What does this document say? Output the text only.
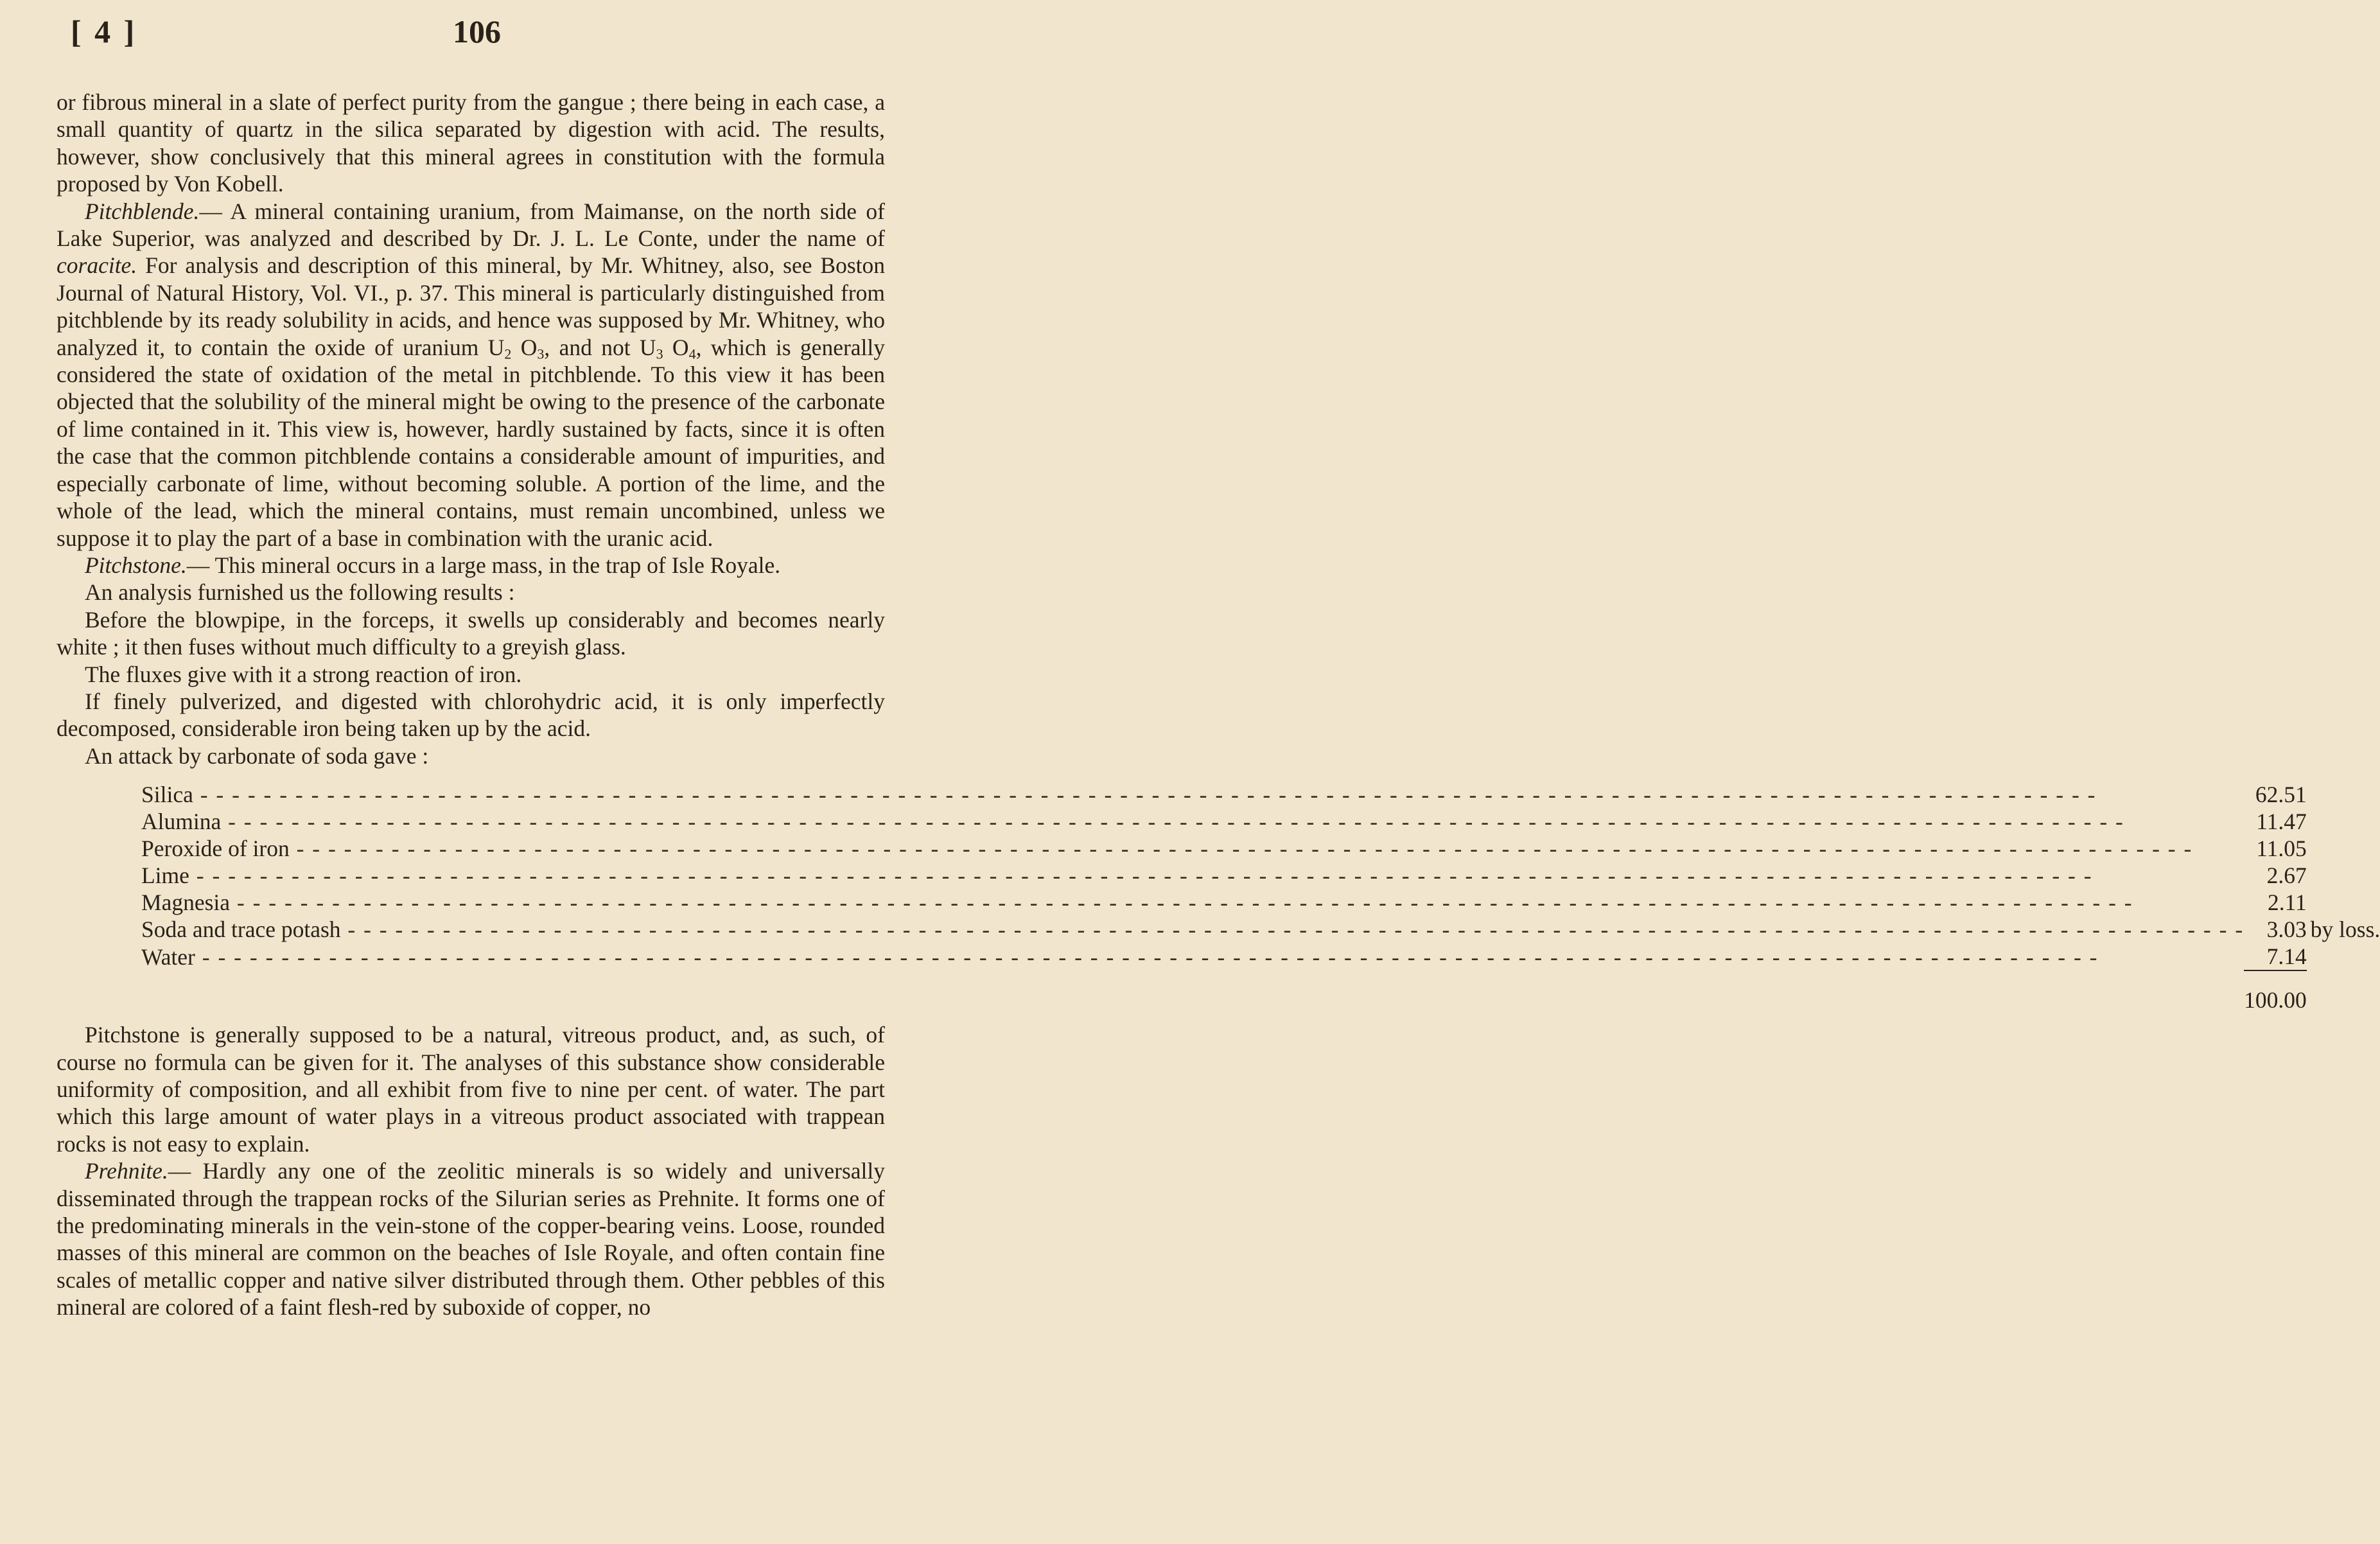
[ 4 ]	106

or fibrous mineral in a slate of perfect purity from the gangue ; there being in each case, a small quantity of quartz in the silica separated by digestion with acid. The results, however, show conclusively that this mineral agrees in constitution with the formula proposed by Von Kobell.

Pitchblende.— A mineral containing uranium, from Maimanse, on the north side of Lake Superior, was analyzed and described by Dr. J. L. Le Conte, under the name of coracite. For analysis and description of this mineral, by Mr. Whitney, also, see Boston Journal of Natural History, Vol. VI., p. 37. This mineral is particularly distinguished from pitchblende by its ready solubility in acids, and hence was supposed by Mr. Whitney, who analyzed it, to contain the oxide of uranium $U_2$ $O_3$, and not $U_3$ $O_4$, which is generally considered the state of oxidation of the metal in pitchblende. To this view it has been objected that the solubility of the mineral might be owing to the presence of the carbonate of lime contained in it. This view is, however, hardly sustained by facts, since it is often the case that the common pitchblende contains a considerable amount of impurities, and especially carbonate of lime, without becoming soluble. A portion of the lime, and the whole of the lead, which the mineral contains, must remain uncombined, unless we suppose it to play the part of a base in combination with the uranic acid.

Pitchstone.— This mineral occurs in a large mass, in the trap of Isle Royale.

An analysis furnished us the following results :

Before the blowpipe, in the forceps, it swells up considerably and becomes nearly white ; it then fuses without much difficulty to a greyish glass.

The fluxes give with it a strong reaction of iron.

If finely pulverized, and digested with chlorohydric acid, it is only imperfectly decomposed, considerable iron being taken up by the acid.

An attack by carbonate of soda gave :

Silica - - - - - - - - - - - - - - - - - - - - - - - - - - - - - - - - - - - - - - - - - - - - - - - - - - - - - - - - - - - - - - - - - - - - - - - - - - - - - - - - - - - - - - - - - - - - - - - - - - - - - - - - - - - - - - - - - - - - - - - -	62.51	
Alumina - - - - - - - - - - - - - - - - - - - - - - - - - - - - - - - - - - - - - - - - - - - - - - - - - - - - - - - - - - - - - - - - - - - - - - - - - - - - - - - - - - - - - - - - - - - - - - - - - - - - - - - - - - - - - - - - - - - - - - - -	11.47	
Peroxide of iron - - - - - - - - - - - - - - - - - - - - - - - - - - - - - - - - - - - - - - - - - - - - - - - - - - - - - - - - - - - - - - - - - - - - - - - - - - - - - - - - - - - - - - - - - - - - - - - - - - - - - - - - - - - - - - - - - - - - - - - -	11.05	
Lime - - - - - - - - - - - - - - - - - - - - - - - - - - - - - - - - - - - - - - - - - - - - - - - - - - - - - - - - - - - - - - - - - - - - - - - - - - - - - - - - - - - - - - - - - - - - - - - - - - - - - - - - - - - - - - - - - - - - - - - -	2.67	
Magnesia - - - - - - - - - - - - - - - - - - - - - - - - - - - - - - - - - - - - - - - - - - - - - - - - - - - - - - - - - - - - - - - - - - - - - - - - - - - - - - - - - - - - - - - - - - - - - - - - - - - - - - - - - - - - - - - - - - - - - - - -	2.11	
Soda and trace potash - - - - - - - - - - - - - - - - - - - - - - - - - - - - - - - - - - - - - - - - - - - - - - - - - - - - - - - - - - - - - - - - - - - - - - - - - - - - - - - - - - - - - - - - - - - - - - - - - - - - - - - - - - - - - - - - - - - - - - - -	3.03	by loss.
Water - - - - - - - - - - - - - - - - - - - - - - - - - - - - - - - - - - - - - - - - - - - - - - - - - - - - - - - - - - - - - - - - - - - - - - - - - - - - - - - - - - - - - - - - - - - - - - - - - - - - - - - - - - - - - - - - - - - - - - - -	7.14	
	100.00	

Pitchstone is generally supposed to be a natural, vitreous product, and, as such, of course no formula can be given for it. The analyses of this substance show considerable uniformity of composition, and all exhibit from five to nine per cent. of water. The part which this large amount of water plays in a vitreous product associated with trappean rocks is not easy to explain.

Prehnite.— Hardly any one of the zeolitic minerals is so widely and universally disseminated through the trappean rocks of the Silurian series as Prehnite. It forms one of the predominating minerals in the vein-stone of the copper-bearing veins. Loose, rounded masses of this mineral are common on the beaches of Isle Royale, and often contain fine scales of metallic copper and native silver distributed through them. Other pebbles of this mineral are colored of a faint flesh-red by suboxide of copper, no
